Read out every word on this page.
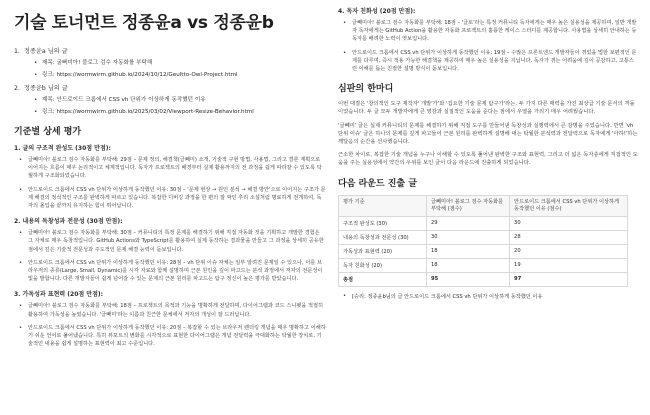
기술 토너먼트 정종윤a vs 정종윤b
1. 정종윤a 님의 글
• 제목: 굴뻐미아! 블로그 검수 자동화를 부탁해
• 링크: https://wormwirm.github.io/2024/10/12/Geultto-Owl-Project.html
2. 정종윤b 님의 글
• 제목: 안드로이드 크롬에서 CSS vh 단위가 이상하게 동작했던 이유
• 링크: https://wormwirm.github.io/2025/03/02/Viewport-Resize-Behavior.html
기준별 상세 평가
1. 글의 구조적 완성도 (30점 만점):
• 글빼미아! 블로그 검수 자동화를 부탁해: 29점 – 문제 정의, 해결책(글빼미) 소개, 기술적 구현 방법, 사용법, 그리고 결론 계획으로 이어지는 흐름이 매우 논리적이고 체계적입니다. 독자가 프로젝트의 배경부터 실제 활용까지의 전 과정을 쉽게 따라갈 수 있도록 탁월하게 구조화되었습니다.
• 안드로이드 크롬에서 CSS vh 단위가 이상하게 동작했던 이유: 30점 – '문제 현상 → 원인 분석 → 해결 방안'으로 이어지는 구조가 문제 해결의 정석적인 구조를 완벽하게 따르고 있습니다. 복잡한 디버깅 과정을 한 편의 잘 짜인 추리 소설처럼 명료하게 전개하여, 독자의 몰입을 끝까지 유지하는 힘이 뛰어납니다.
2. 내용의 독창성과 전문성 (30점 만점):
• 글빼미아! 블로그 검수 자동화를 부탁해: 30점 – 커뮤니티의 특정 문제를 해결하기 위해 직접 자동화 것을 기획하고 개발한 경험은 그 자체로 매우 독창적입니다. GitHub Actions와 TypeScript를 활용하여 실제 동작하는 결과물을 만들고 그 과정을 상세히 공유한 점에서 깊은 기술적 전문성과 주도적인 문제 해결 능력이 돋보입니다.
• 안드로이드 크롬에서 CSS vh 단위가 이상하게 동작했던 이유: 28점 – vh 단위 이슈 자체는 일부 알려진 문제일 수 있으나, 이를 브라우저의 종류(Large, Small, Dynamic)를 시각 자료와 함께 설명하며 근본 원인을 깊이 파고드는 분석 과정에서 저자의 전문성이 빛을 발합니다. 다른 개발자들이 쉽게 넘어갈 수 있는 문제의 근본 원리를 파고드는 탐구 정신이 높은 평가를 받았습니다.
3. 가독성과 표현력 (20점 만점):
• 글빼미아! 블로그 검수 자동화를 부탁해: 18점 – 프로젝트의 목적과 기능을 명확하게 전달하며, 다이어그램과 코드 스니펫을 적절히 활용하여 가독성을 높였습니다. '글빼미'라는 이름과 친근한 문체에서 저자의 개성이 잘 드러납니다.
• 안드로이드 크롬에서 CSS vh 단위가 이상하게 동작했던 이유: 20점 – 복잡할 수 있는 브라우저 렌더링 개념을 매우 명확하고 이해하기 쉬운 언어로 풀어냈습니다. 특히 뷰포트의 변화를 시각적으로 표현한 다이어그램은 개념 전달력을 극대화하는 탁월한 장치로, 기술적인 내용을 쉽게 설명하는 표현력이 최고 수준입니다.
4. 독자 친화성 (20점 만점):
• 글빼미아! 블로그 검수 자동화를 부탁해: 18점 – '글또'라는 특정 커뮤니티 독자에게는 매우 높은 실용성을 제공하며, 일반 개발자 독자에게는 GitHub Action을 활용한 자동화 프로젝트의 훌륭한 케이스 스터디를 제공합니다. 사용법을 상세히 안내하는 등 독자를 배려한 노력이 엿보입니다.
• 안드로이드 크롬에서 CSS vh 단위가 이상하게 동작했던 이유: 19점 – 수많은 프론트엔드 개발자들이 겪었을 법한 보편적인 문제를 다루며, 즉시 적용 가능한 해결책을 제공하여 매우 높은 실용성을 지닙니다. 독자가 겪는 어려움에 깊이 공감하고, 고통스런 이해를 돕는 친절한 설명 방식이 돋보입니다.
심판의 한마디
이번 대결은 '창의적인 도구 제작자' 개발'가'와 '집요한 기술 문제 탐구가'라는, 두 가지 다른 매력을 가진 최상급 기술 문서의 격돌이었습니다. 두 글 모두 개발자에게 큰 영감과 실질적인 도움을 준다는 점에서 우열을 가리기 매우 어려웠습니다.
'글빼미' 글은 실제 커뮤니티의 문제를 해결하기 위해 직접 도구를 만들어낸 독창성과 실행력에서 큰 감명을 주었습니다. 반면 'vh 단위 이슈' 글은 하나의 문제를 깊게 파고들어 근본 원리를 완벽하게 설명해 내는 탁월한 분석력과 전달력으로 독자에게 '아하!'하는 깨달음의 순간을 선사했습니다.
근소한 차이로, 복잡한 기술 개념을 누구나 이해할 수 있도록 풀어낸 완벽한 구조와 표현력, 그리고 더 넓은 독자층에게 직접적인 도움을 주는 실용성에서 약간의 우위를 보인 글이 다음 라운드에 진출하게 되었습니다.
다음 라운드 진출 글
평가 기준	글빼미아! 블로그 검수 자동화를 부탁해 (점수)	안드로이드 크롬에서 CSS vh 단위가 이상하게 동작했던 이유 (점수)
구조적 완성도 (30)	29	30
내용의 독창성과 전문성 (30)	30	28
가독성과 표현력 (20)	18	20
독자 친화성 (20)	18	19
총점	95	97
• [승리: 정종윤b님의 글 안드로이드 크롬에서 CSS vh 단위가 이상하게 동작했던 이유
